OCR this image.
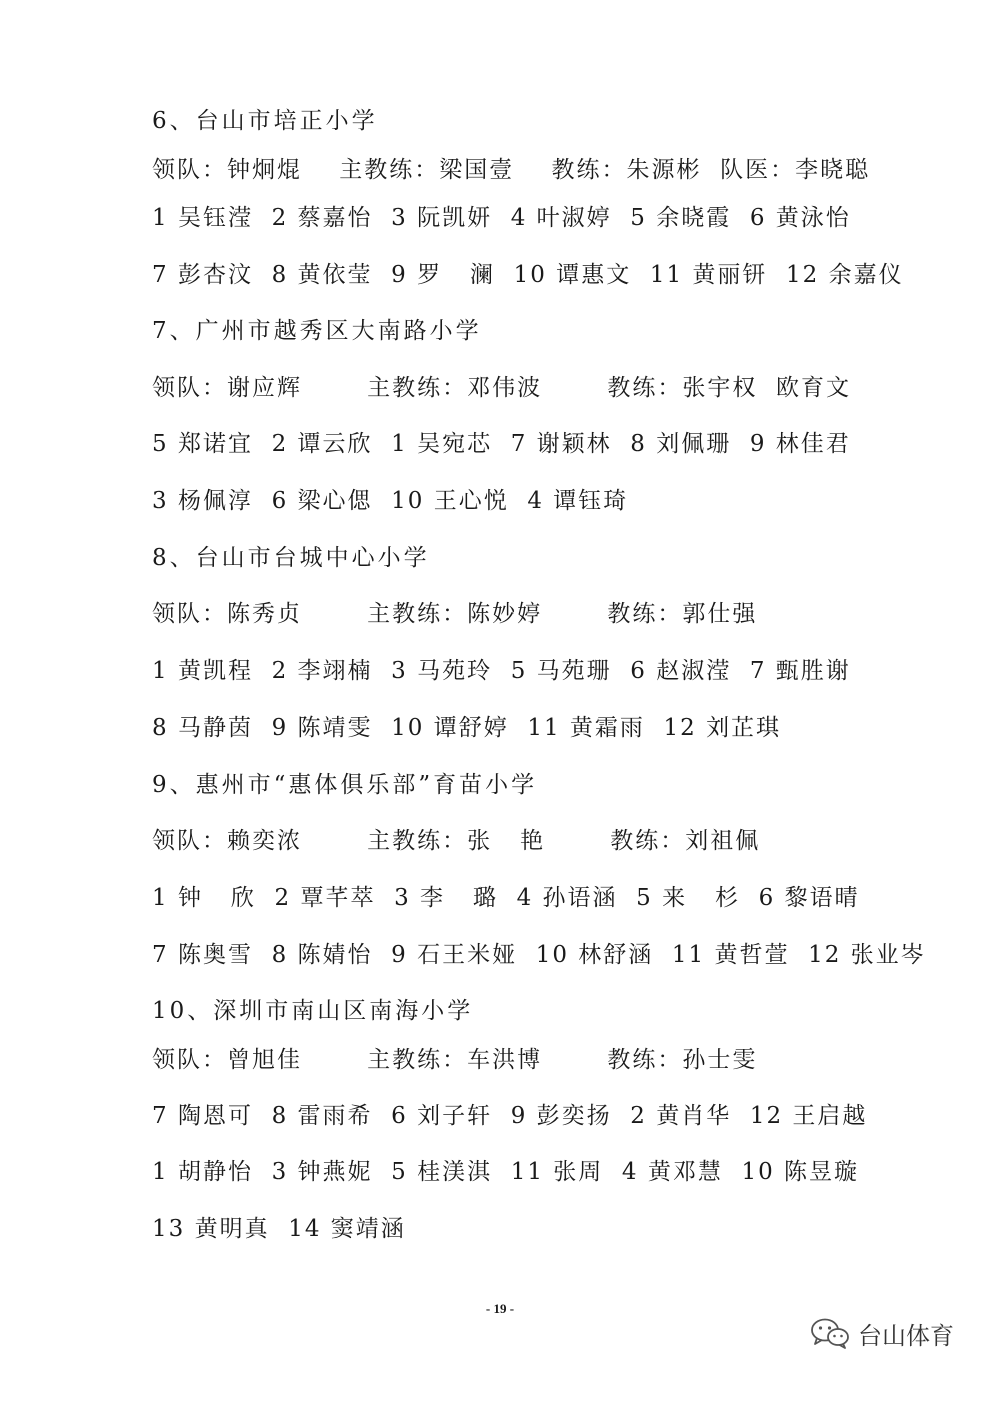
6、台山市培正小学

领队：钟炯焜    主教练：梁国壹    教练：朱源彬  队医：李晓聪

1 吴钰滢  2 蔡嘉怡  3 阮凯妍  4 叶淑婷  5 余晓霞  6 黄泳怡

7 彭杏汶  8 黄依莹  9 罗   澜  10 谭惠文  11 黄丽钘  12 余嘉仪

7、广州市越秀区大南路小学

领队：谢应辉       主教练：邓伟波       教练：张宇权  欧育文

5 郑诺宜  2 谭云欣  1 吴宛芯  7 谢颖林  8 刘佩珊  9 林佳君

3 杨佩淳  6 梁心偲  10 王心悦  4 谭钰琦

8、台山市台城中心小学

领队：陈秀贞       主教练：陈妙婷       教练：郭仕强

1 黄凯程  2 李翊楠  3 马苑玲  5 马苑珊  6 赵淑滢  7 甄胜谢

8 马静茵  9 陈靖雯  10 谭舒婷  11 黄霜雨  12 刘芷琪

9、惠州市“惠体俱乐部”育苗小学

领队：赖奕浓       主教练：张   艳       教练：刘祖佩

1 钟   欣  2 覃芊萃  3 李   璐  4 孙语涵  5 来   杉  6 黎语晴

7 陈奥雪  8 陈婧怡  9 石王米娅  10 林舒涵  11 黄哲萱  12 张业岑

10、深圳市南山区南海小学

领队：曾旭佳       主教练：车洪博       教练：孙士雯

7 陶恩可  8 雷雨希  6 刘子轩  9 彭奕扬  2 黄肖华  12 王启越

1 胡静怡  3 钟燕妮  5 桂渼淇  11 张周  4 黄邓慧  10 陈昱璇

13 黄明真  14 窦靖涵

- 19 -
台山体育
